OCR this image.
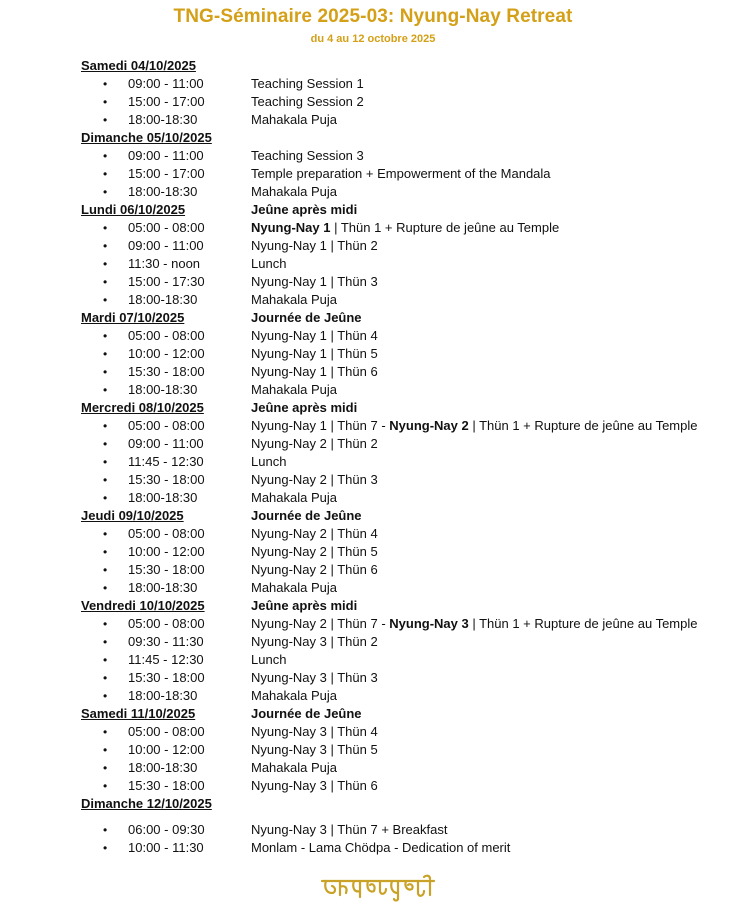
TNG-Séminaire 2025-03: Nyung-Nay Retreat
du 4 au 12 octobre 2025
Samedi 04/10/2025
• 09:00 - 11:00	Teaching Session 1
• 15:00 - 17:00	Teaching Session 2
• 18:00-18:30	Mahakala Puja
Dimanche 05/10/2025
• 09:00 - 11:00	Teaching Session 3
• 15:00 - 17:00	Temple preparation + Empowerment of the Mandala
• 18:00-18:30	Mahakala Puja
Lundi 06/10/2025	Jeûne après midi
• 05:00 - 08:00	Nyung-Nay 1 | Thün 1 + Rupture de jeûne au Temple
• 09:00 - 11:00	Nyung-Nay 1 | Thün 2
• 11:30 - noon	Lunch
• 15:00 - 17:30	Nyung-Nay 1 | Thün 3
• 18:00-18:30	Mahakala Puja
Mardi 07/10/2025	Journée de Jeûne
• 05:00 - 08:00	Nyung-Nay 1 | Thün 4
• 10:00 - 12:00	Nyung-Nay 1 | Thün 5
• 15:30 - 18:00	Nyung-Nay 1 | Thün 6
• 18:00-18:30	Mahakala Puja
Mercredi 08/10/2025	Jeûne après midi
• 05:00 - 08:00	Nyung-Nay 1 | Thün 7 - Nyung-Nay 2 | Thün 1 + Rupture de jeûne au Temple
• 09:00 - 11:00	Nyung-Nay 2 | Thün 2
• 11:45 - 12:30	Lunch
• 15:30 - 18:00	Nyung-Nay 2 | Thün 3
• 18:00-18:30	Mahakala Puja
Jeudi 09/10/2025	Journée de Jeûne
• 05:00 - 08:00	Nyung-Nay 2 | Thün 4
• 10:00 - 12:00	Nyung-Nay 2 | Thün 5
• 15:30 - 18:00	Nyung-Nay 2 | Thün 6
• 18:00-18:30	Mahakala Puja
Vendredi 10/10/2025	Jeûne après midi
• 05:00 - 08:00	Nyung-Nay 2 | Thün 7 - Nyung-Nay 3 | Thün 1 + Rupture de jeûne au Temple
• 09:30 - 11:30	Nyung-Nay 3 | Thün 2
• 11:45 - 12:30	Lunch
• 15:30 - 18:00	Nyung-Nay 3 | Thün 3
• 18:00-18:30	Mahakala Puja
Samedi 11/10/2025	Journée de Jeûne
• 05:00 - 08:00	Nyung-Nay 3 | Thün 4
• 10:00 - 12:00	Nyung-Nay 3 | Thün 5
• 18:00-18:30	Mahakala Puja
• 15:30 - 18:00	Nyung-Nay 3 | Thün 6
Dimanche 12/10/2025
• 06:00 - 09:30	Nyung-Nay 3 | Thün 7 + Breakfast
• 10:00 - 11:30	Monlam - Lama Chödpa - Dedication of merit
